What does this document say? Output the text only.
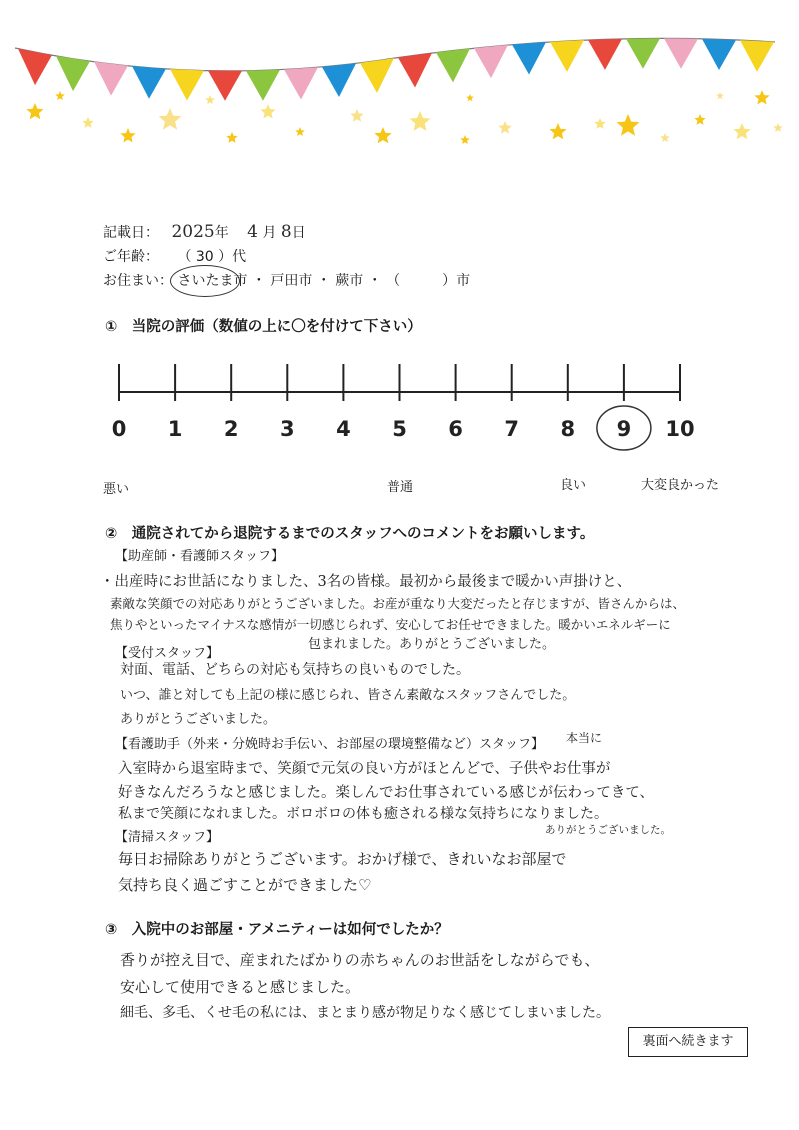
記載日： 2025年 4 月 8日
ご年齢： （ 30 ）代
お住まい： さいたま市 ・ 戸田市 ・ 蕨市 ・ （　　　）市
①　当院の評価（数値の上に〇を付けて下さい）
0 1 2 3 4 5 6 7 8 9 10
悪い	普通	良い	大変良かった
②　通院されてから退院するまでのスタッフへのコメントをお願いします。
【助産師・看護師スタッフ】
・出産時にお世話になりました、3名の皆様。最初から最後まで暖かい声掛けと、
素敵な笑顔での対応ありがとうございました。お産が重なり大変だったと存じますが、皆さんからは、
焦りやといったマイナスな感情が一切感じられず、安心してお任せできました。暖かいエネルギーに
包まれました。ありがとうございました。
【受付スタッフ】
対面、電話、どちらの対応も気持ちの良いものでした。
いつ、誰と対しても上記の様に感じられ、皆さん素敵なスタッフさんでした。
ありがとうございました。
【看護助手（外来・分娩時お手伝い、お部屋の環境整備など）スタッフ】 本当に
入室時から退室時まで、笑顔で元気の良い方がほとんどで、子供やお仕事が
好きなんだろうなと感じました。楽しんでお仕事されている感じが伝わってきて、
私まで笑顔になれました。ボロボロの体も癒される様な気持ちになりました。
ありがとうございました。
【清掃スタッフ】
毎日お掃除ありがとうございます。おかげ様で、きれいなお部屋で
気持ち良く過ごすことができました♡
③　入院中のお部屋・アメニティーは如何でしたか？
香りが控え目で、産まれたばかりの赤ちゃんのお世話をしながらでも、
安心して使用できると感じました。
細毛、多毛、くせ毛の私には、まとまり感が物足りなく感じてしまいました。
裏面へ続きます
